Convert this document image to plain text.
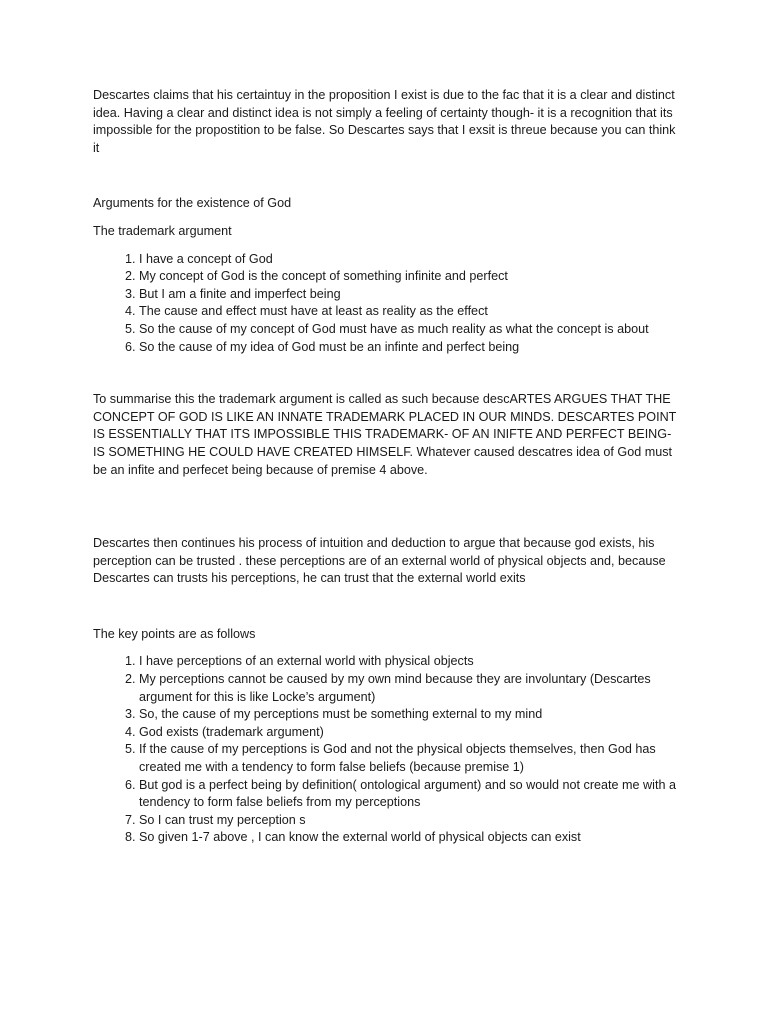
Descartes claims that his certaintuy in the proposition I exist is due to the fac that it is a clear and distinct idea. Having a clear and distinct idea is not simply a feeling of certainty though- it is a recognition that its impossible for the propostition to be false. So Descartes says that I exsit is threue because you can think it

Arguments for the existence of God

The trademark argument

1. I have a concept of God
2. My concept of God is the concept of something infinite and perfect
3. But I am a finite and imperfect being
4. The cause and effect must have at least as reality as the effect
5. So the cause of my concept of God must have as much reality as what the concept is about
6. So the cause of my idea of God must be an infinte and perfect being

To summarise this the trademark argument is called as such because descARTES ARGUES THAT THE CONCEPT OF GOD IS LIKE AN INNATE TRADEMARK PLACED IN OUR MINDS. DESCARTES POINT IS ESSENTIALLY THAT ITS IMPOSSIBLE THIS TRADEMARK- OF AN INIFTE AND PERFECT BEING-IS SOMETHING HE COULD HAVE CREATED HIMSELF. Whatever caused descatres idea of God must be an infite and perfecet being because of premise 4 above.

Descartes then continues his process of intuition and deduction to argue that because god exists, his perception can be trusted . these perceptions are of an external world of physical objects and, because Descartes can trusts his perceptions, he can trust that the external world exits

The key points are as follows

1. I have perceptions of an external world with physical objects
2. My perceptions cannot be caused by my own mind because they are involuntary (Descartes argument for this is like Locke’s argument)
3. So, the cause of my perceptions must be something external to my mind
4. God exists (trademark argument)
5. If the cause of my perceptions is God and not the physical objects themselves, then God has created me with a tendency to form false beliefs (because premise 1)
6. But god is a perfect being by definition( ontological argument) and so would not create me with a tendency to form false beliefs from my perceptions
7. So I can trust my perception s
8. So given 1-7 above , I can know the external world of physical objects can exist
